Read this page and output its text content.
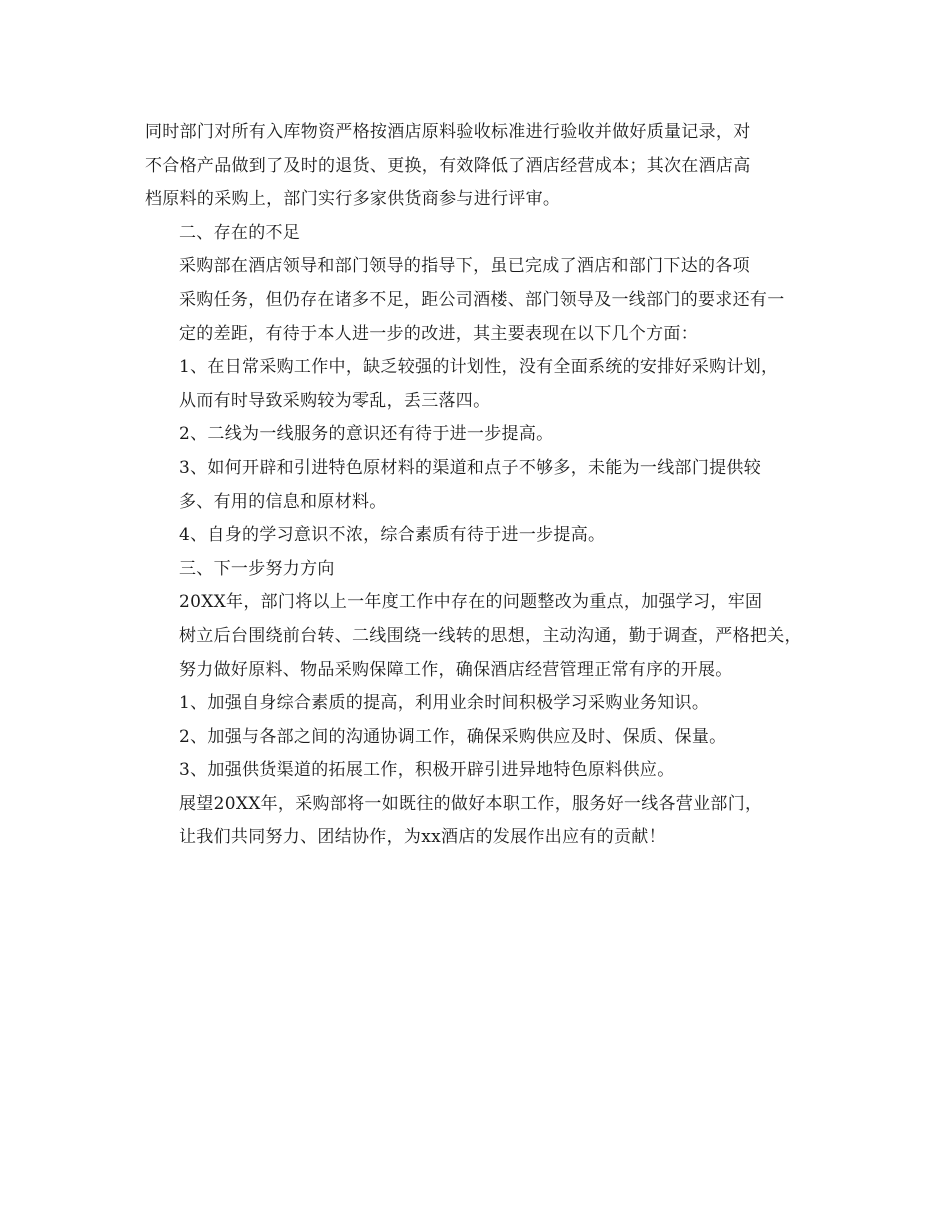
同时部门对所有入库物资严格按酒店原料验收标准进行验收并做好质量记录，对
不合格产品做到了及时的退货、更换，有效降低了酒店经营成本；其次在酒店高
档原料的采购上，部门实行多家供货商参与进行评审。

二、存在的不足

采购部在酒店领导和部门领导的指导下，虽已完成了酒店和部门下达的各项
采购任务，但仍存在诸多不足，距公司酒楼、部门领导及一线部门的要求还有一
定的差距，有待于本人进一步的改进，其主要表现在以下几个方面：

1、在日常采购工作中，缺乏较强的计划性，没有全面系统的安排好采购计划，
从而有时导致采购较为零乱，丢三落四。

2、二线为一线服务的意识还有待于进一步提高。

3、如何开辟和引进特色原材料的渠道和点子不够多，未能为一线部门提供较
多、有用的信息和原材料。

4、自身的学习意识不浓，综合素质有待于进一步提高。

三、下一步努力方向

20XX年，部门将以上一年度工作中存在的问题整改为重点，加强学习，牢固
树立后台围绕前台转、二线围绕一线转的思想，主动沟通，勤于调查，严格把关，
努力做好原料、物品采购保障工作，确保酒店经营管理正常有序的开展。

1、加强自身综合素质的提高，利用业余时间积极学习采购业务知识。

2、加强与各部之间的沟通协调工作，确保采购供应及时、保质、保量。

3、加强供货渠道的拓展工作，积极开辟引进异地特色原料供应。

展望20XX年，采购部将一如既往的做好本职工作，服务好一线各营业部门，
让我们共同努力、团结协作，为xx酒店的发展作出应有的贡献！
